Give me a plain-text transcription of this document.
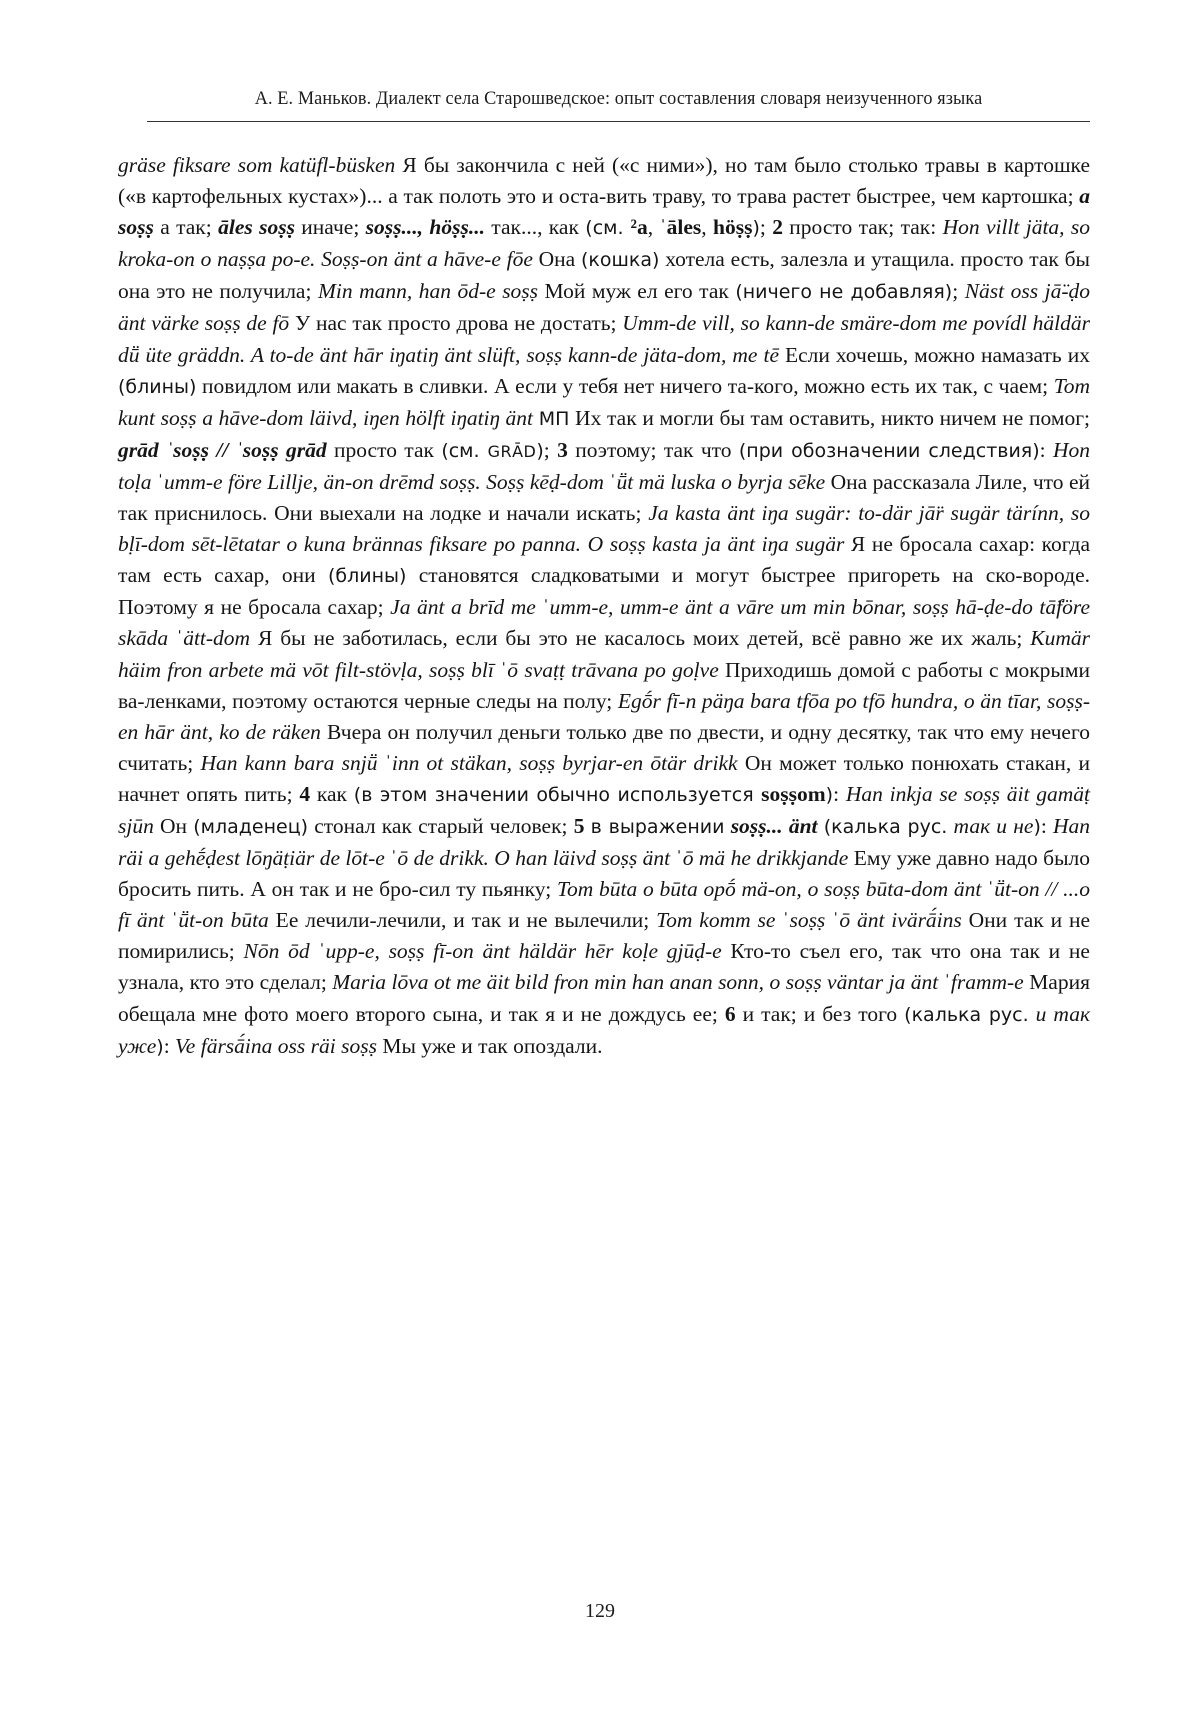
А. Е. Маньков. Диалект села Старошведское: опыт составления словаря неизученного языка

gräse fiksare som katüfl-büsken Я бы закончила с ней («с ними»), но там было столько травы в картошке («в картофельных кустах»)... а так полоть это и оста-вить траву, то трава растет быстрее, чем картошка; a soṣṣ а так; āles soṣṣ иначе; soṣṣ..., höṣṣ... так..., как (см. ²a, ˈāles, höṣṣ); 2 просто так; так: Hon villt jäta, so kroka-on o naṣṣa po-e. Soṣṣ-on änt a hāve-e fōe Она (кошка) хотела есть, залезла и утащила. просто так бы она это не получила; Min mann, han ōd-e soṣṣ Мой муж ел его так (ничего не добавляя); Näst oss jā̈-ḍo änt värke soṣṣ de fō У нас так просто дрова не достать; Umm-de vill, so kann-de smäre-dom me povídl häldär dṻ üte gräddn. A to-de änt hār iŋatiŋ änt slüft, soṣṣ kann-de jäta-dom, me tē Если хочешь, можно намазать их (блины) повидлом или макать в сливки. А если у тебя нет ничего та-кого, можно есть их так, с чаем; Tom kunt soṣṣ a hāve-dom läivd, iŋen hölft iŋatiŋ änt МП Их так и могли бы там оставить, никто ничем не помог; grād ˈsoṣṣ // ˈsoṣṣ grād просто так (см. GRĀD); 3 поэтому; так что (при обозначении следствия): Hon toḷa ˈumm-e före Lillje, än-on drēmd soṣṣ. Soṣṣ kēḍ-dom ˈṻt mä luska o byrja sēke Она рассказала Лиле, что ей так приснилось. Они выехали на лодке и начали искать; Ja kasta änt iŋa sugär: to-där jā̈r sugär tärínn, so bḷī-dom sēt-lētatar o kuna brännas fiksare po panna. O soṣṣ kasta ja änt iŋa sugär Я не бросала сахар: когда там есть сахар, они (блины) становятся сладковатыми и могут быстрее пригореть на ско-вороде. Поэтому я не бросала сахар; Ja änt a brīd me ˈumm-e, umm-e änt a vāre um min bōnar, soṣṣ hā-ḍe-do tā̈före skāda ˈätt-dom Я бы не заботилась, если бы это не касалось моих детей, всё равно же их жаль; Kumär häim fron arbete mä vōt filt-stövḷa, soṣṣ blī ˈō svaṭṭ trāvana po goḷve Приходишь домой с работы с мокрыми ва-ленками, поэтому остаются черные следы на полу; Egṓr fī-n päŋa bara tfōa po tfō hundra, o än tīar, soṣṣ-en hār änt, ko de räken Вчера он получил деньги только две по двести, и одну десятку, так что ему нечего считать; Han kann bara snjṻ ˈinn ot stäkan, soṣṣ byrjar-en ōtär drikk Он может только понюхать стакан, и начнет опять пить; 4 как (в этом значении обычно используется soṣṣom): Han inkja se soṣṣ äit gamäṭ sjūn Он (младенец) стонал как старый человек; 5 в выражении soṣṣ... änt (калька рус. так и не): Han räi a gehḗḍest lōŋäṭiär de lōt-e ˈō de drikk. O han läivd soṣṣ änt ˈō mä he drikkjande Ему уже давно надо было бросить пить. А он так и не бро-сил ту пьянку; Tom būta o būta opṓ mä-on, o soṣṣ būta-dom änt ˈṻt-on // ...o fī änt ˈṻt-on būta Ее лечили-лечили, и так и не вылечили; Tom komm se ˈsoṣṣ ˈō änt ivärā́ins Они так и не помирились; Nōn ōd ˈupp-e, soṣṣ fī-on änt häldär hēr koḷe gjūḍ-e Кто-то съел его, так что она так и не узнала, кто это сделал; Maria lōva ot me äit bild fron min han anan sonn, o soṣṣ väntar ja änt ˈframm-e Мария обещала мне фото моего второго сына, и так я и не дождусь ее; 6 и так; и без того (калька рус. и так уже): Ve färsā́ina oss räi soṣṣ Мы уже и так опоздали.

129
